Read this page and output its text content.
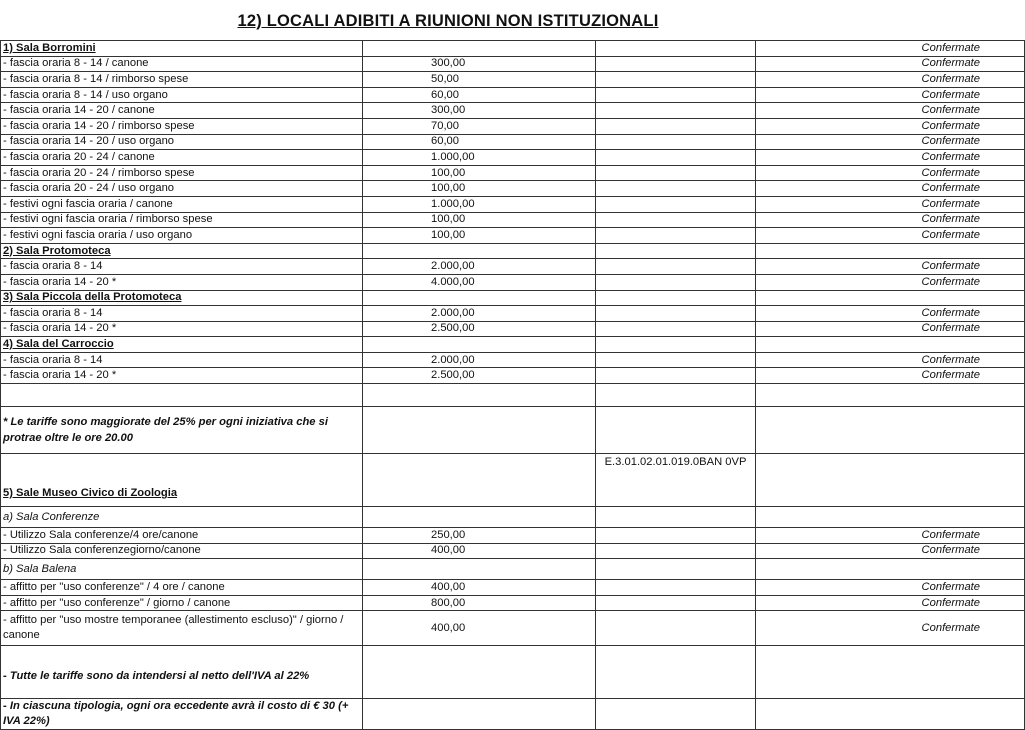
12) LOCALI ADIBITI A RIUNIONI NON ISTITUZIONALI
1) Sala Borromini			Confermate
- fascia oraria 8 - 14 / canone	300,00		Confermate
- fascia oraria 8 - 14 / rimborso spese	50,00		Confermate
- fascia oraria 8 - 14 / uso organo	60,00		Confermate
- fascia oraria 14 - 20 / canone	300,00		Confermate
- fascia oraria 14 - 20 / rimborso spese	70,00		Confermate
- fascia oraria 14 - 20 / uso organo	60,00		Confermate
- fascia oraria 20 - 24 / canone	1.000,00		Confermate
- fascia oraria 20 - 24 / rimborso spese	100,00		Confermate
- fascia oraria 20 - 24 / uso organo	100,00		Confermate
- festivi ogni fascia oraria / canone	1.000,00		Confermate
- festivi ogni fascia oraria / rimborso spese	100,00		Confermate
- festivi ogni fascia oraria / uso organo	100,00		Confermate
2) Sala Protomoteca			
- fascia oraria 8 - 14	2.000,00		Confermate
- fascia oraria 14 - 20 *	4.000,00		Confermate
3) Sala Piccola della Protomoteca			
- fascia oraria 8 - 14	2.000,00		Confermate
- fascia oraria 14 - 20 *	2.500,00		Confermate
4) Sala del Carroccio			
- fascia oraria 8 - 14	2.000,00		Confermate
- fascia oraria 14 - 20 *	2.500,00		Confermate

* Le tariffe sono maggiorate del 25% per ogni iniziativa che si protrae oltre le ore 20.00			
5) Sale Museo Civico di Zoologia		E.3.01.02.01.019.0BAN 0VP	
a) Sala Conferenze			
- Utilizzo Sala conferenze/4 ore/canone	250,00		Confermate
- Utilizzo Sala conferenzegiorno/canone	400,00		Confermate
b) Sala Balena			
- affitto per "uso conferenze" / 4 ore / canone	400,00		Confermate
- affitto per "uso conferenze" / giorno / canone	800,00		Confermate
- affitto per "uso mostre temporanee (allestimento escluso)" / giorno / canone	400,00		Confermate
- Tutte le tariffe sono da intendersi al netto dell'IVA al 22%			
- In ciascuna tipologia, ogni ora eccedente avrà il costo di € 30 (+ IVA 22%)			
